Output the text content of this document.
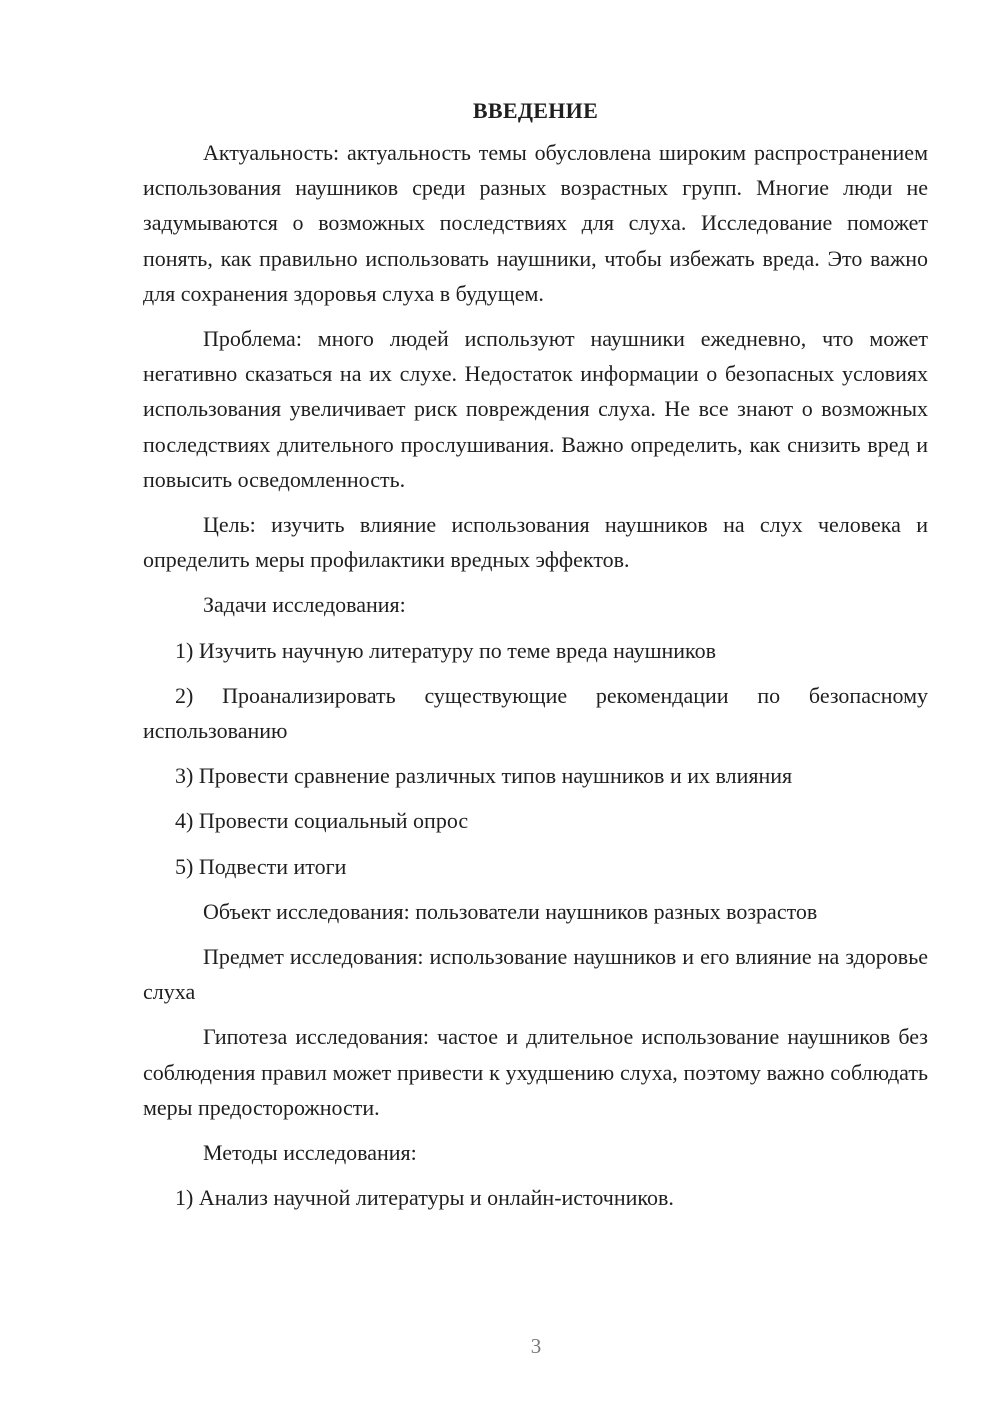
ВВЕДЕНИЕ

Актуальность: актуальность темы обусловлена широким распространением использования наушников среди разных возрастных групп. Многие люди не задумываются о возможных последствиях для слуха. Исследование поможет понять, как правильно использовать наушники, чтобы избежать вреда. Это важно для сохранения здоровья слуха в будущем.

Проблема: много людей используют наушники ежедневно, что может негативно сказаться на их слухе. Недостаток информации о безопасных условиях использования увеличивает риск повреждения слуха. Не все знают о возможных последствиях длительного прослушивания. Важно определить, как снизить вред и повысить осведомленность.

Цель: изучить влияние использования наушников на слух человека и определить меры профилактики вредных эффектов.

Задачи исследования:

1) Изучить научную литературу по теме вреда наушников

2) Проанализировать существующие рекомендации по безопасному использованию

3) Провести сравнение различных типов наушников и их влияния

4) Провести социальный опрос

5) Подвести итоги

Объект исследования: пользователи наушников разных возрастов

Предмет исследования: использование наушников и его влияние на здоровье слуха

Гипотеза исследования: частое и длительное использование наушников без соблюдения правил может привести к ухудшению слуха, поэтому важно соблюдать меры предосторожности.

Методы исследования:

1) Анализ научной литературы и онлайн-источников.

3
